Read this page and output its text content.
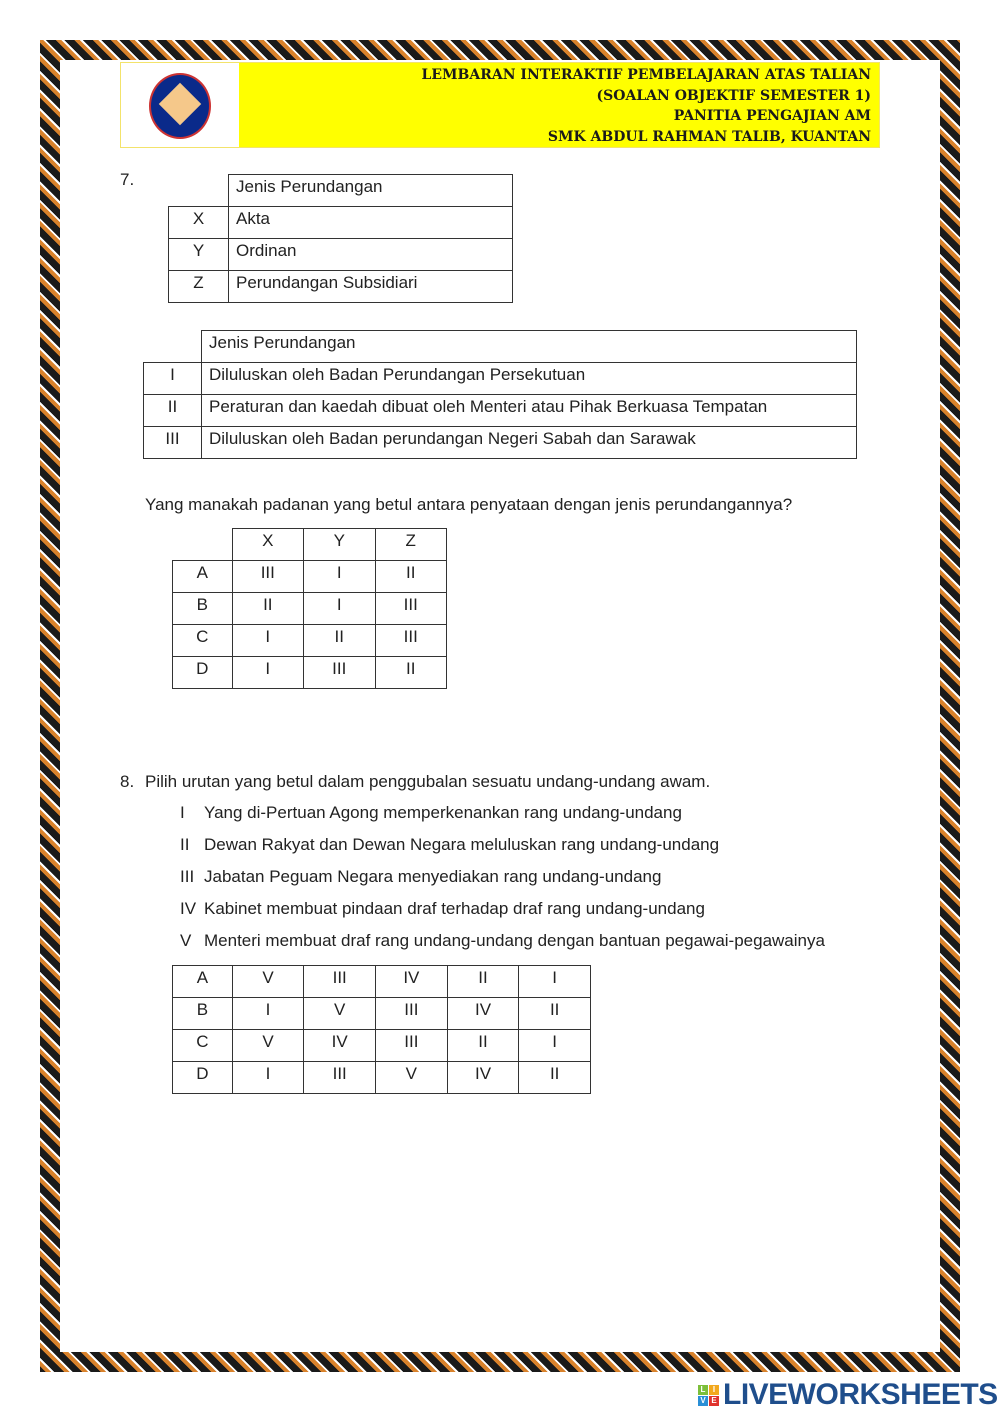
LEMBARAN INTERAKTIF PEMBELAJARAN ATAS TALIAN
(SOALAN OBJEKTIF SEMESTER 1)
PANITIA PENGAJIAN AM
SMK ABDUL RAHMAN TALIB, KUANTAN
7.
		Jenis Perundangan
X	Akta
Y	Ordinan
Z	Perundangan Subsidiari
	Jenis Perundangan
I	Diluluskan oleh Badan Perundangan Persekutuan
II	Peraturan dan kaedah dibuat oleh Menteri atau Pihak Berkuasa Tempatan
III	Diluluskan oleh Badan perundangan Negeri Sabah dan Sarawak
Yang manakah padanan yang betul antara penyataan dengan jenis perundangannya?
	X	Y	Z
A	III	I	II
B	II	I	III
C	I	II	III
D	I	III	II
8. Pilih urutan yang betul dalam penggubalan sesuatu undang-undang awam.
I Yang di-Pertuan Agong memperkenankan rang undang-undang
II Dewan Rakyat dan Dewan Negara meluluskan rang undang-undang
III Jabatan Peguam Negara menyediakan rang undang-undang
IV Kabinet membuat pindaan draf terhadap draf rang undang-undang
V Menteri membuat draf rang undang-undang dengan bantuan pegawai-pegawainya
A	V	III	IV	II	I
B	I	V	III	IV	II
C	V	IV	III	II	I
D	I	III	V	IV	II
L I
V E LIVEWORKSHEETS
